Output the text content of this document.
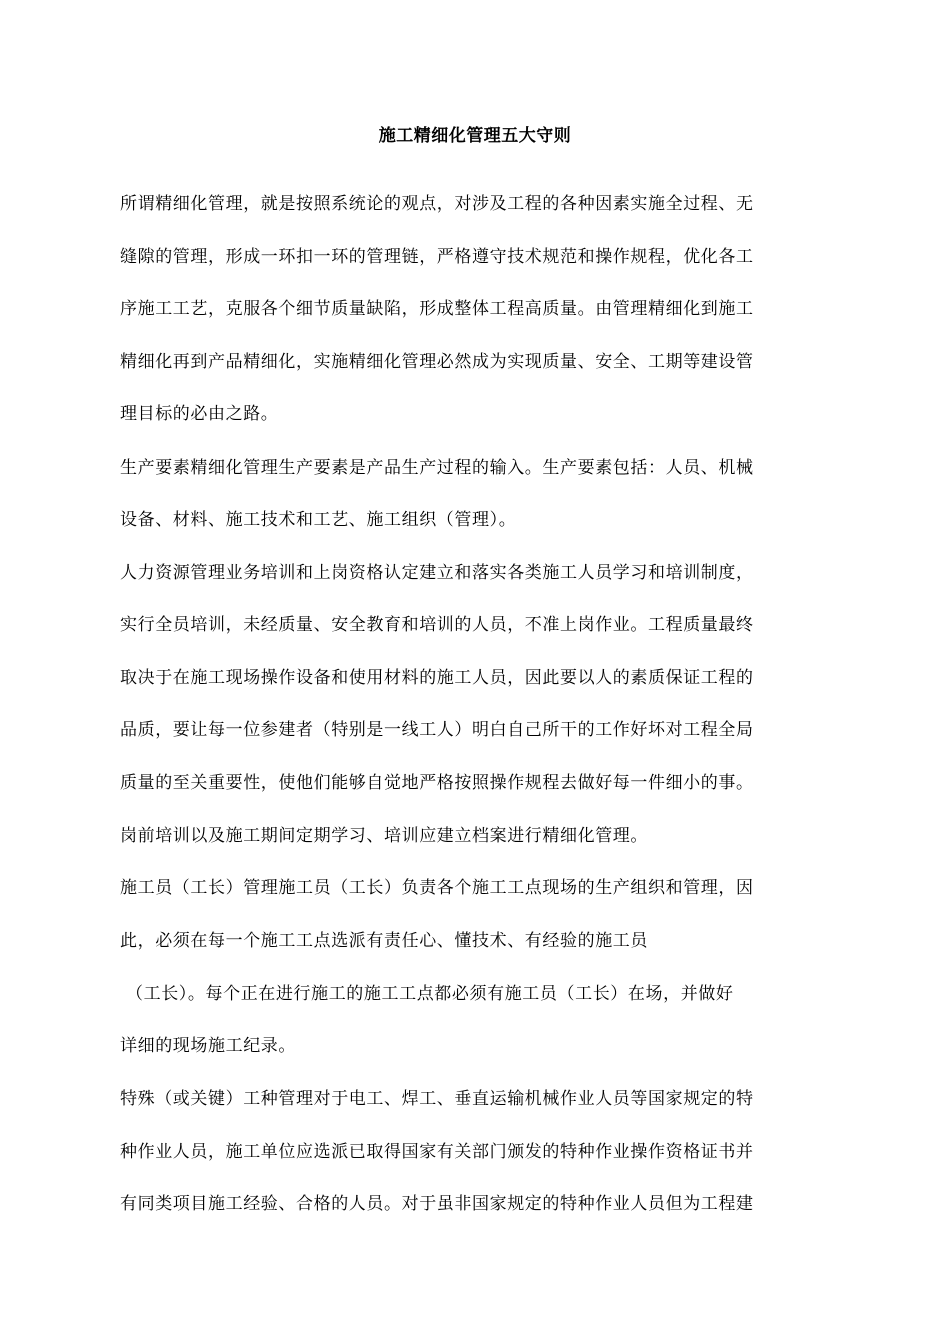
施工精细化管理五大守则
所谓精细化管理，就是按照系统论的观点，对涉及工程的各种因素实施全过程、无
缝隙的管理，形成一环扣一环的管理链，严格遵守技术规范和操作规程，优化各工
序施工工艺，克服各个细节质量缺陷，形成整体工程高质量。由管理精细化到施工
精细化再到产品精细化，实施精细化管理必然成为实现质量、安全、工期等建设管
理目标的必由之路。
生产要素精细化管理生产要素是产品生产过程的输入。生产要素包括：人员、机械
设备、材料、施工技术和工艺、施工组织（管理）。
人力资源管理业务培训和上岗资格认定建立和落实各类施工人员学习和培训制度，
实行全员培训，未经质量、安全教育和培训的人员，不准上岗作业。工程质量最终
取决于在施工现场操作设备和使用材料的施工人员，因此要以人的素质保证工程的
品质，要让每一位参建者（特别是一线工人）明白自己所干的工作好坏对工程全局
质量的至关重要性，使他们能够自觉地严格按照操作规程去做好每一件细小的事。
岗前培训以及施工期间定期学习、培训应建立档案进行精细化管理。
施工员（工长）管理施工员（工长）负责各个施工工点现场的生产组织和管理，因
此，必须在每一个施工工点选派有责任心、懂技术、有经验的施工员
（工长）。每个正在进行施工的施工工点都必须有施工员（工长）在场，并做好
详细的现场施工纪录。
特殊（或关键）工种管理对于电工、焊工、垂直运输机械作业人员等国家规定的特
种作业人员，施工单位应选派已取得国家有关部门颁发的特种作业操作资格证书并
有同类项目施工经验、合格的人员。对于虽非国家规定的特种作业人员但为工程建
